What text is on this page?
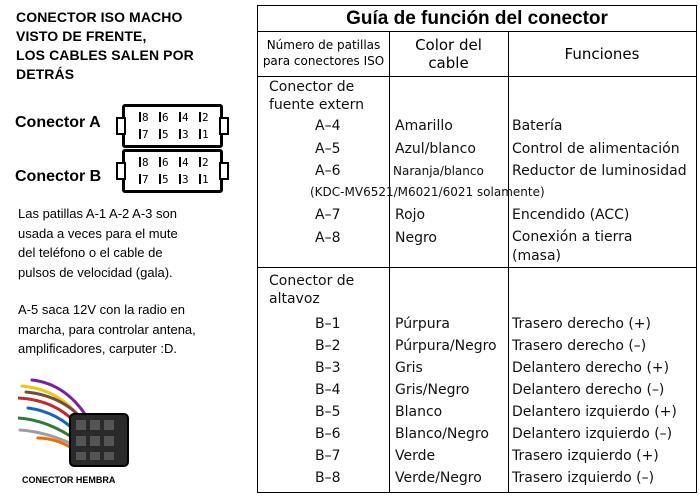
CONECTOR ISO MACHO
VISTO DE FRENTE,
LOS CABLES SALEN POR
DETRÁS
Conector A	8 6 4 2
7 5 3 1
Conector B
8 6 4 2
7 5 3 1
Las patillas A-1 A-2 A-3 son
usada a veces para el mute
del teléfono o el cable de
pulsos de velocidad (gala).
A-5 saca 12V con la radio en
marcha, para controlar antena,
amplificadores, carputer :D.
CONECTOR HEMBRA
Guía de función del conector
Número de patillas
para conectores ISO
Color del
cable	Funciones
Conector de
fuente extern
A–4	Amarillo	Batería
A–5	Azul/blanco	Control de alimentación
A–6	Naranja/blanco Reductor de luminosidad
(KDC-MV6521/M6021/6021 solamente)
A–7	Rojo	Encendido (ACC)
A–8	Negro	Conexión a tierra
(masa)
Conector de
altavoz
B–1	Púrpura	Trasero derecho (+)
B–2	Púrpura/Negro Trasero derecho (–)
B–3	Gris	Delantero derecho (+)
B–4	Gris/Negro	Delantero derecho (–)
B–5	Blanco	Delantero izquierdo (+)
B–6	Blanco/Negro Delantero izquierdo (–)
B–7	Verde	Trasero izquierdo (+)
B–8	Verde/Negro Trasero izquierdo (–)
